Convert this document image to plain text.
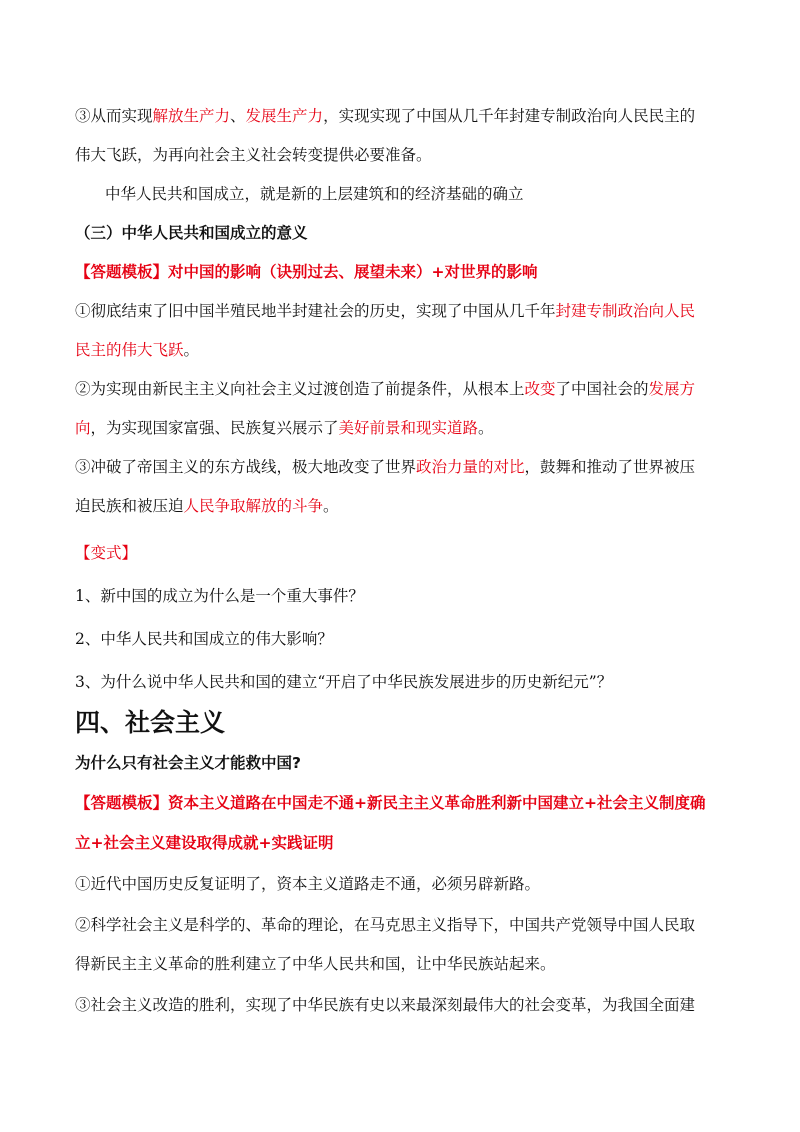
③从而实现解放生产力、发展生产力，实现实现了中国从几千年封建专制政治向人民民主的
伟大飞跃，为再向社会主义社会转变提供必要准备。
中华人民共和国成立，就是新的上层建筑和的经济基础的确立
（三）中华人民共和国成立的意义
【答题模板】对中国的影响（诀别过去、展望未来）+对世界的影响
①彻底结束了旧中国半殖民地半封建社会的历史，实现了中国从几千年封建专制政治向人民
民主的伟大飞跃。
②为实现由新民主主义向社会主义过渡创造了前提条件，从根本上改变了中国社会的发展方
向，为实现国家富强、民族复兴展示了美好前景和现实道路。
③冲破了帝国主义的东方战线，极大地改变了世界政治力量的对比，鼓舞和推动了世界被压
迫民族和被压迫人民争取解放的斗争。
【变式】
1、新中国的成立为什么是一个重大事件？
2、中华人民共和国成立的伟大影响？
3、为什么说中华人民共和国的建立“开启了中华民族发展进步的历史新纪元”？
四、社会主义
为什么只有社会主义才能救中国?
【答题模板】资本主义道路在中国走不通+新民主主义革命胜利新中国建立+社会主义制度确
立+社会主义建设取得成就+实践证明
①近代中国历史反复证明了，资本主义道路走不通，必须另辟新路。
②科学社会主义是科学的、革命的理论，在马克思主义指导下，中国共产党领导中国人民取
得新民主主义革命的胜利建立了中华人民共和国，让中华民族站起来。
③社会主义改造的胜利，实现了中华民族有史以来最深刻最伟大的社会变革，为我国全面建
